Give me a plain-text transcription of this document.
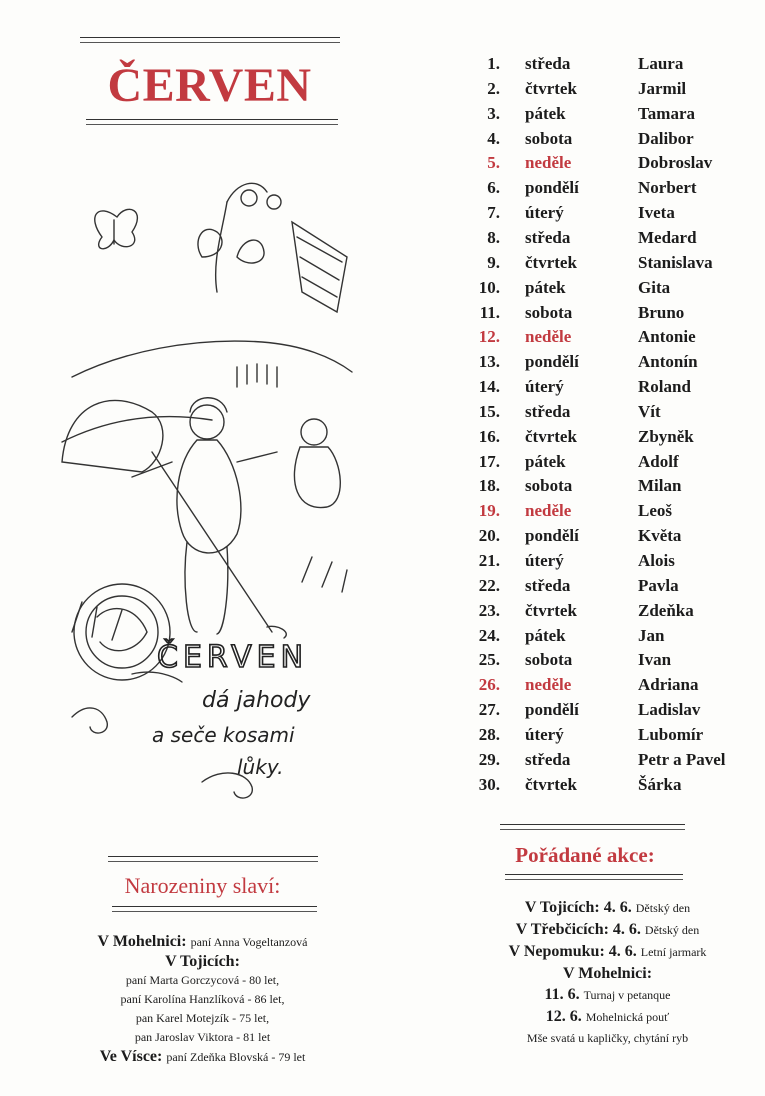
ČERVEN
ČERVEN
dá jahody
a seče kosami
lůky.
Narozeniny slaví:
V Mohelnici: paní Anna Vogeltanzová
V Tojicích:
paní Marta Gorczycová - 80 let,
paní Karolína Hanzlíková - 86 let,
pan Karel Motejzík - 75 let,
pan Jaroslav Viktora - 81 let
Ve Vísce: paní Zdeňka Blovská - 79 let
1. středa	Laura
2. čtvrtek	Jarmil
3. pátek	Tamara
4. sobota	Dalibor
5. neděle	Dobroslav
6. pondělí	Norbert
7. úterý	Iveta
8. středa	Medard
9. čtvrtek	Stanislava
10. pátek	Gita
11. sobota	Bruno
12. neděle	Antonie
13. pondělí	Antonín
14. úterý	Roland
15. středa	Vít
16. čtvrtek	Zbyněk
17. pátek	Adolf
18. sobota	Milan
19. neděle	Leoš
20. pondělí	Květa
21. úterý	Alois
22. středa	Pavla
23. čtvrtek	Zdeňka
24. pátek	Jan
25. sobota	Ivan
26. neděle	Adriana
27. pondělí	Ladislav
28. úterý	Lubomír
29. středa	Petr a Pavel
30. čtvrtek	Šárka
Pořádané akce:
V Tojicích: 4. 6. Dětský den
V Třebčicích: 4. 6. Dětský den
V Nepomuku: 4. 6. Letní jarmark
V Mohelnici:
11. 6. Turnaj v petanque
12. 6. Mohelnická pouť
Mše svatá u kapličky, chytání ryb
